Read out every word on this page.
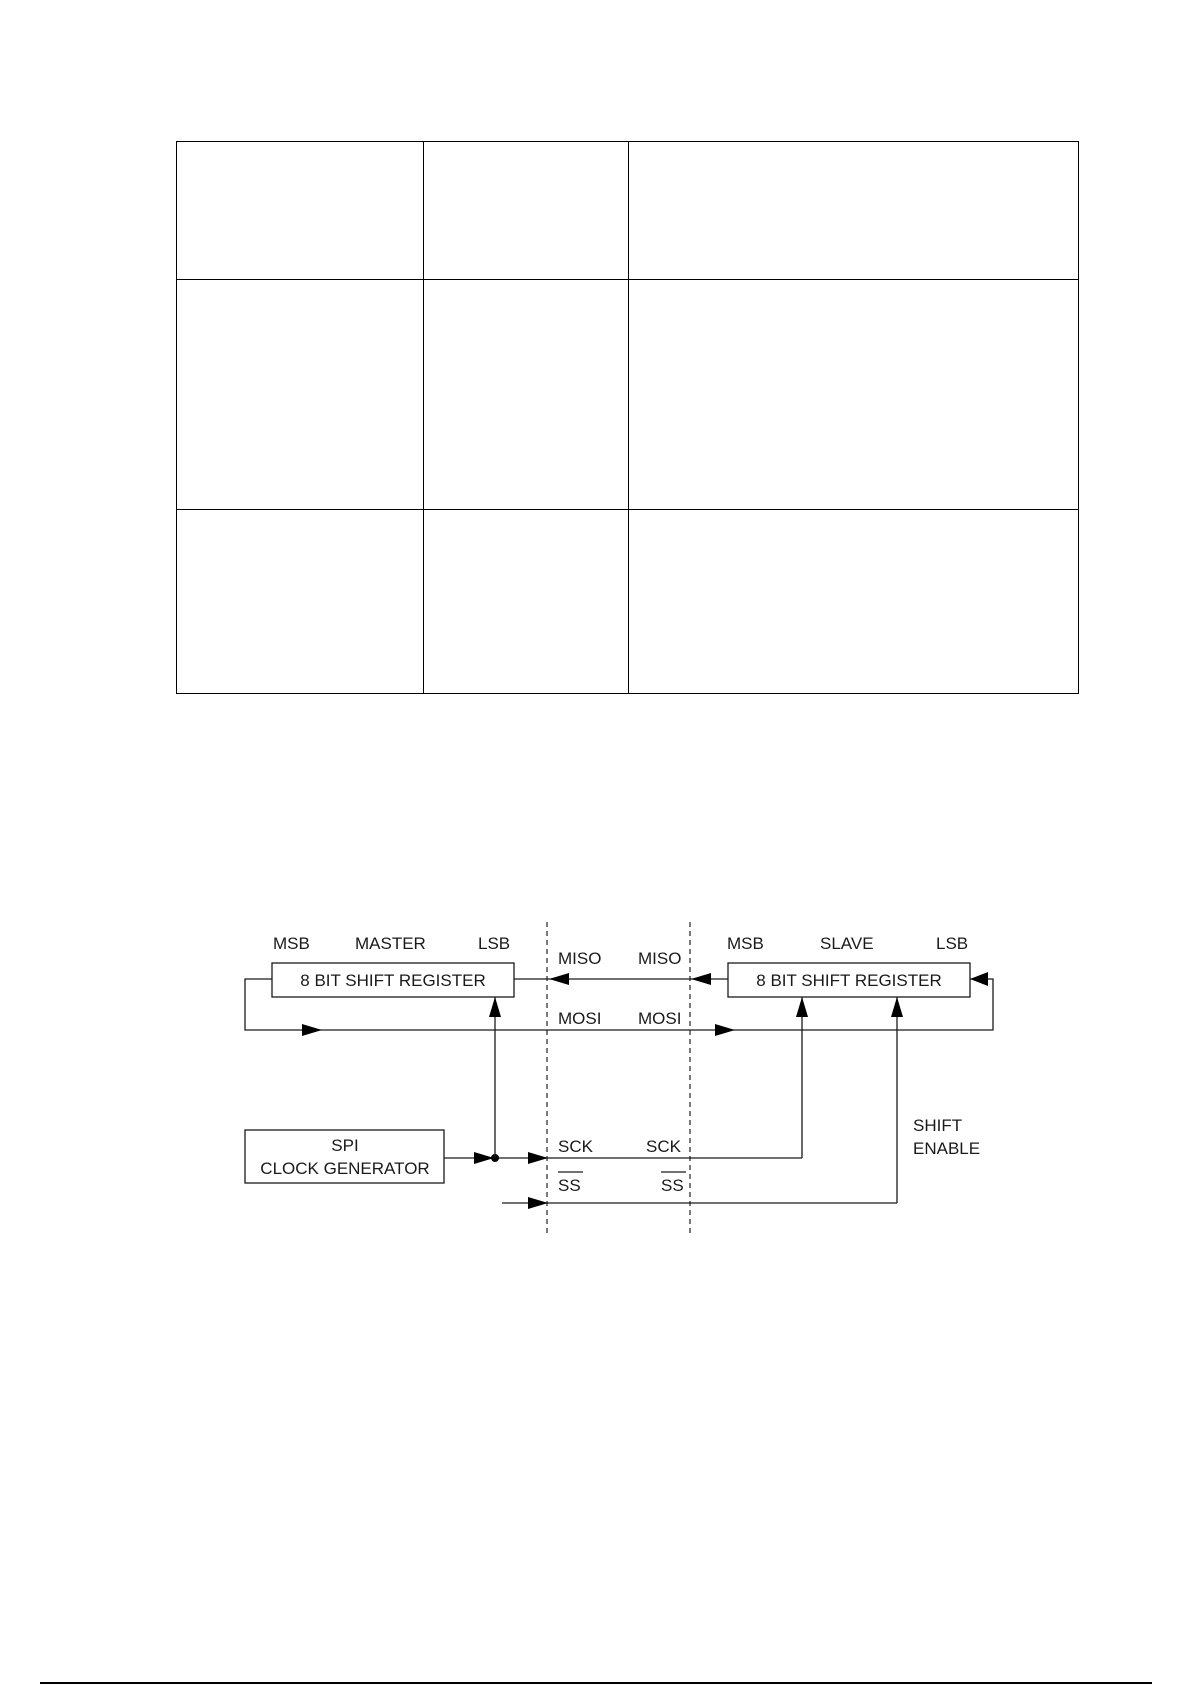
MSB	MASTER	LSB
8 BIT SHIFT REGISTER
MSB	SLAVE	LSB
8 BIT SHIFT REGISTER
MISO MISO
MOSI MOSI
SPI
CLOCK GENERATOR
SCK	SCK
SS	SS
SHIFT
ENABLE
